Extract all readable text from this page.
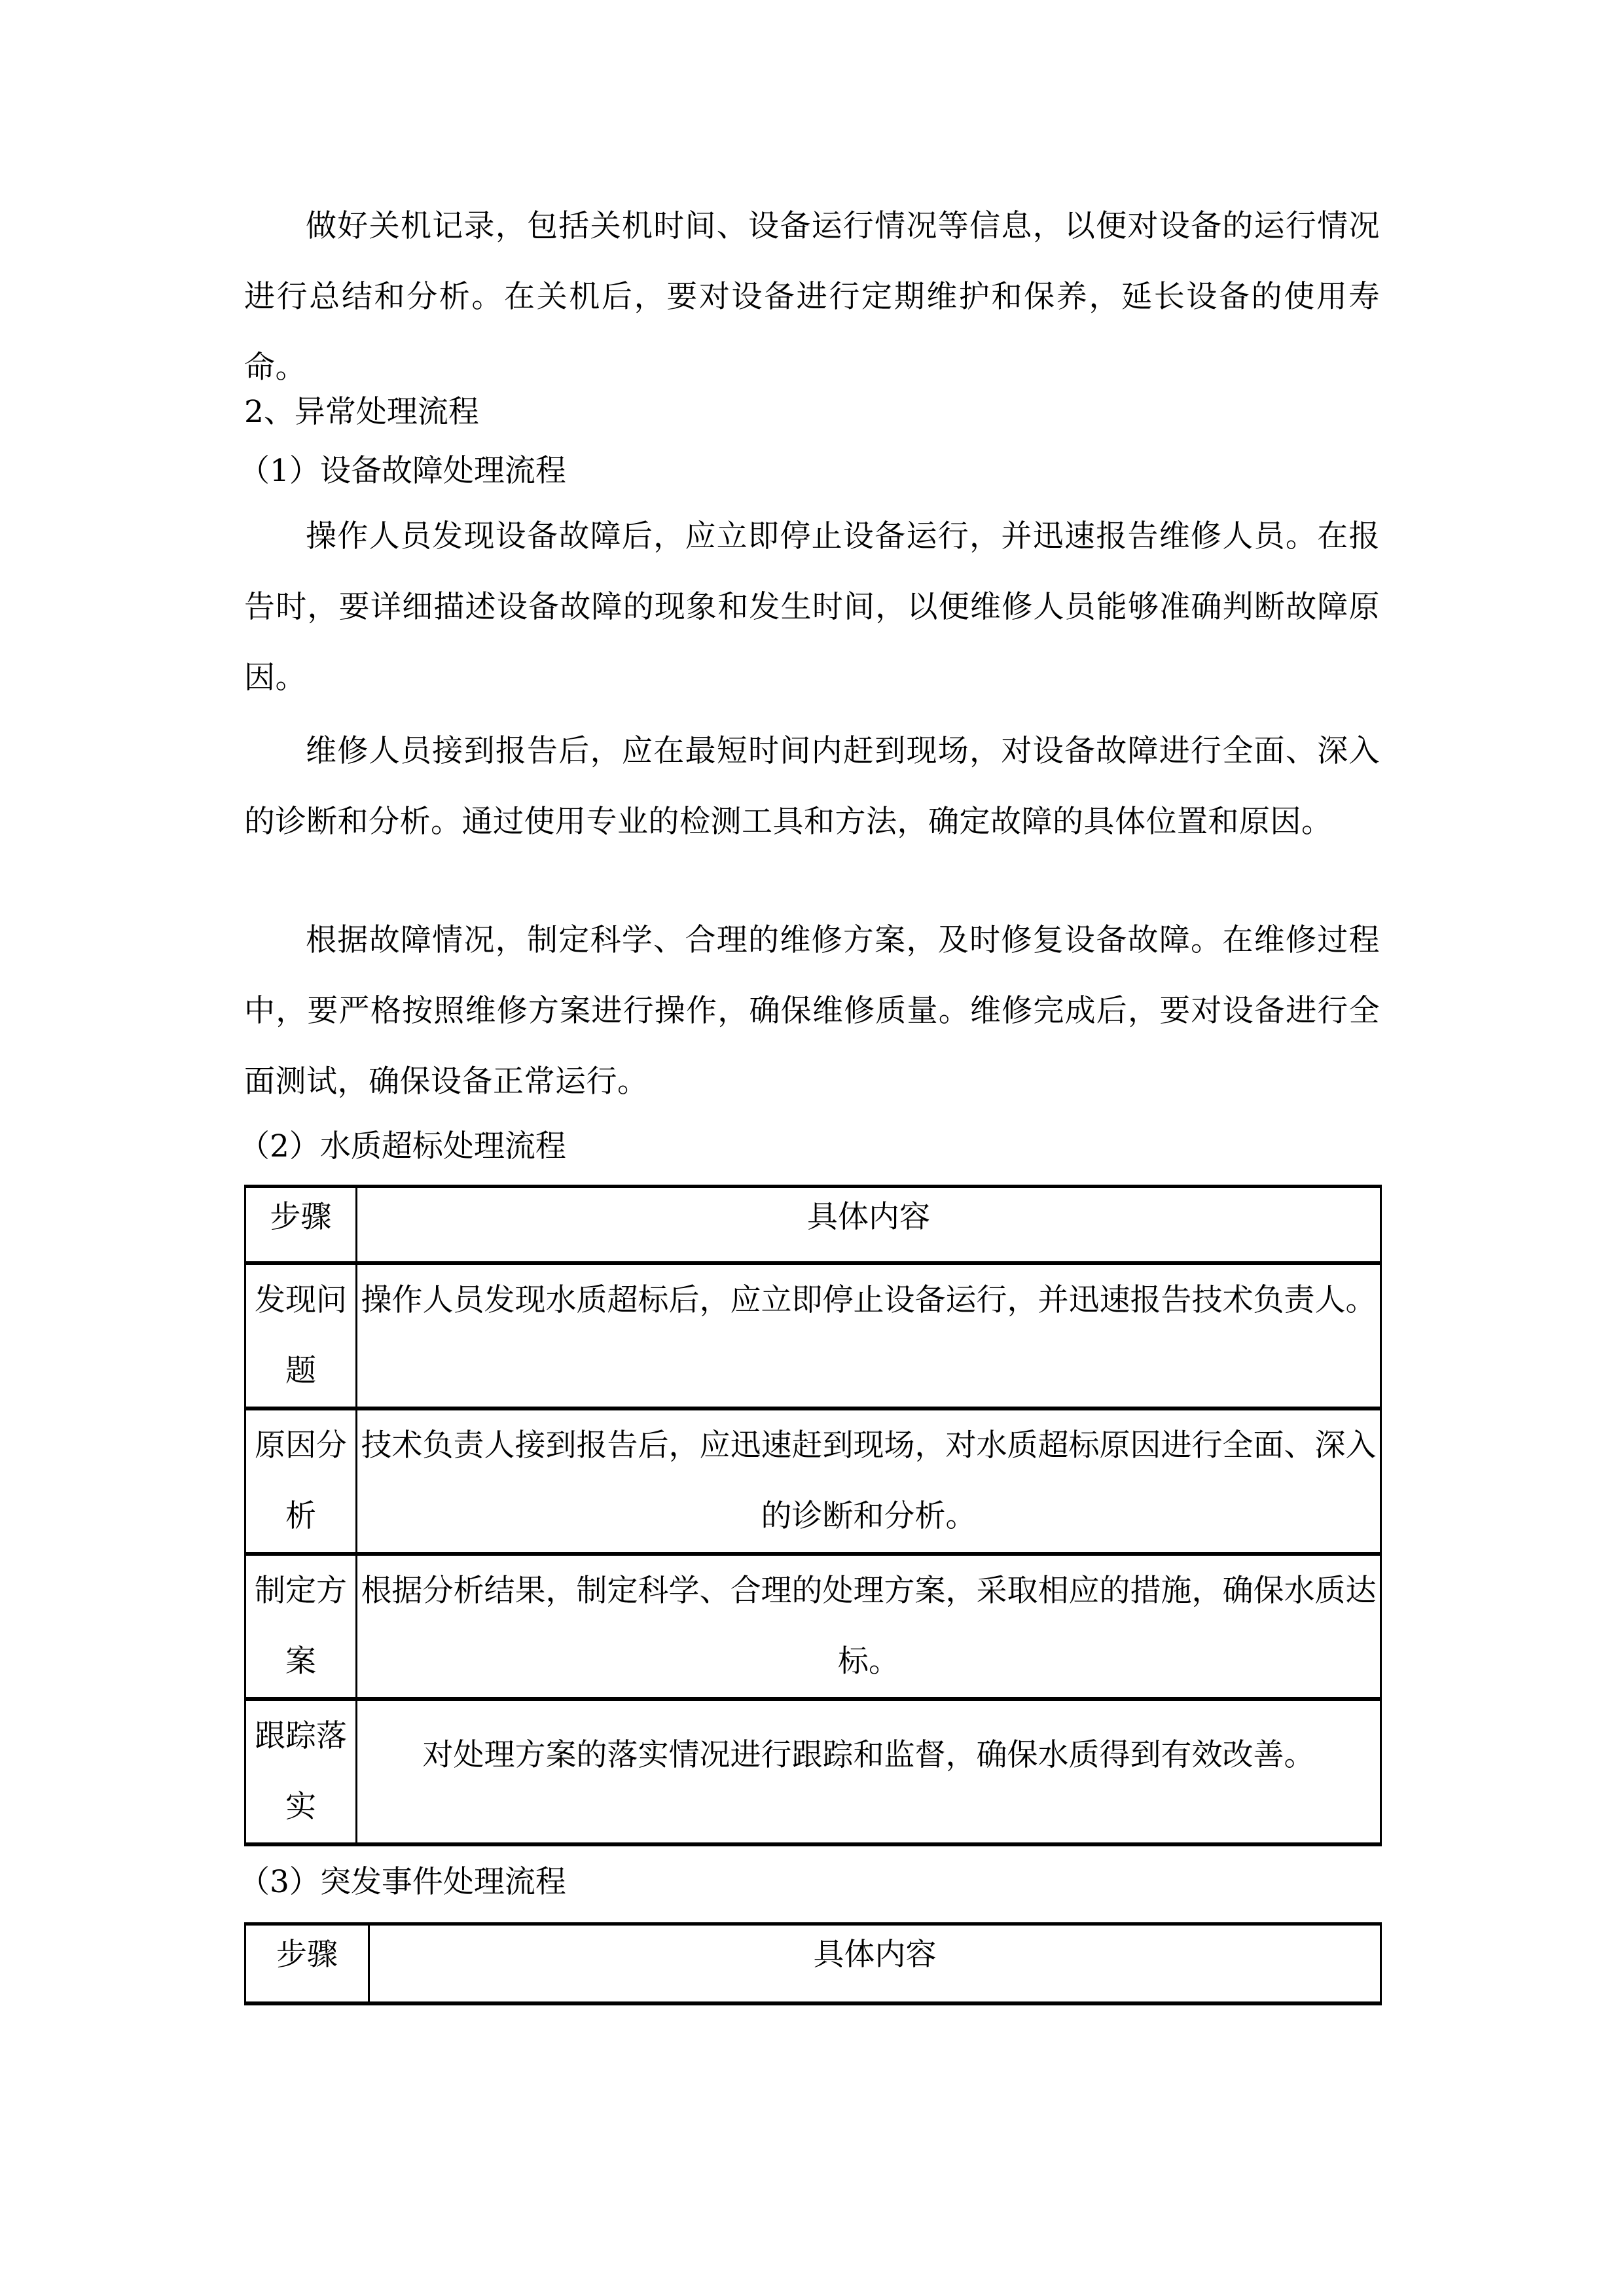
做好关机记录，包括关机时间、设备运行情况等信息，以便对设备的运行情况进行总结和分析。在关机后，要对设备进行定期维护和保养，延长设备的使用寿命。

2、异常处理流程
（1）设备故障处理流程

操作人员发现设备故障后，应立即停止设备运行，并迅速报告维修人员。在报告时，要详细描述设备故障的现象和发生时间，以便维修人员能够准确判断故障原因。

维修人员接到报告后，应在最短时间内赶到现场，对设备故障进行全面、深入的诊断和分析。通过使用专业的检测工具和方法，确定故障的具体位置和原因。

根据故障情况，制定科学、合理的维修方案，及时修复设备故障。在维修过程中，要严格按照维修方案进行操作，确保维修质量。维修完成后，要对设备进行全面测试，确保设备正常运行。

（2）水质超标处理流程
步骤	具体内容

发现问题	操作人员发现水质超标后，应立即停止设备运行，并迅速报告技术负责人。

原因分析	技术负责人接到报告后，应迅速赶到现场，对水质超标原因进行全面、深入的诊断和分析。

制定方案	根据分析结果，制定科学、合理的处理方案，采取相应的措施，确保水质达标。

跟踪落实	对处理方案的落实情况进行跟踪和监督，确保水质得到有效改善。
（3）突发事件处理流程
步骤	具体内容
